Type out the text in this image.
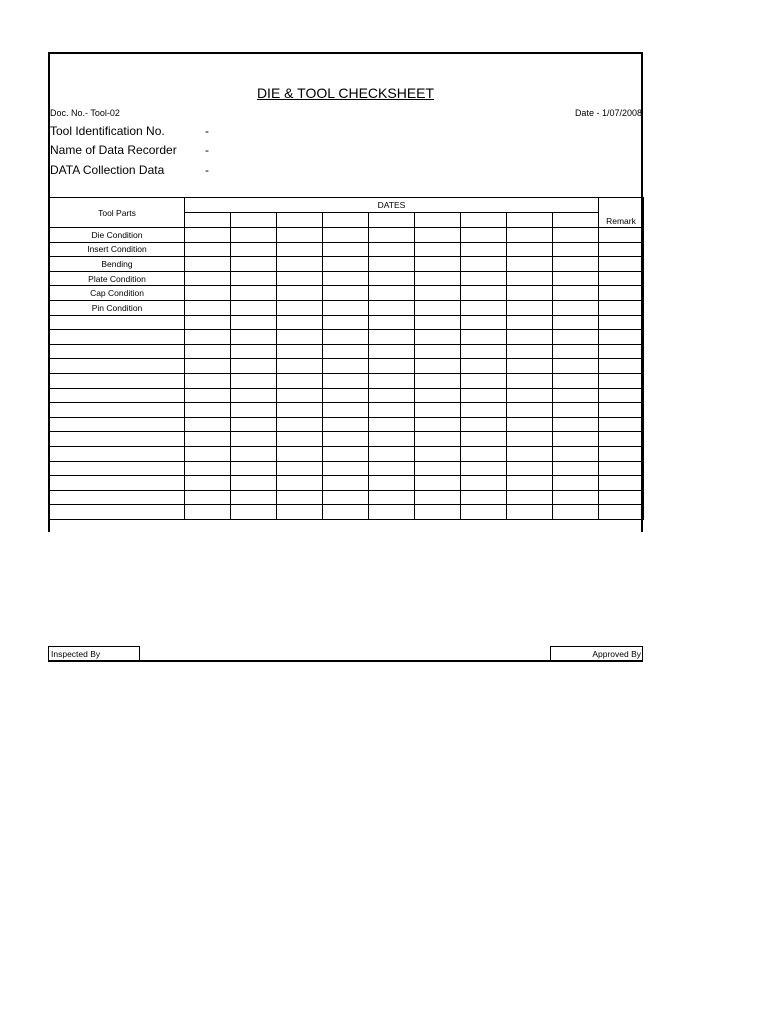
DIE & TOOL CHECKSHEET
Doc. No.- Tool-02	Date - 1/07/2008
Tool Identification No.	-
Name of Data Recorder -
DATA Collection Data	-
Tool Parts	DATES									Remark

Die Condition										
Insert Condition										
Bending										
Plate Condition										
Cap Condition										
Pin Condition										

Inspected By	Approved By
